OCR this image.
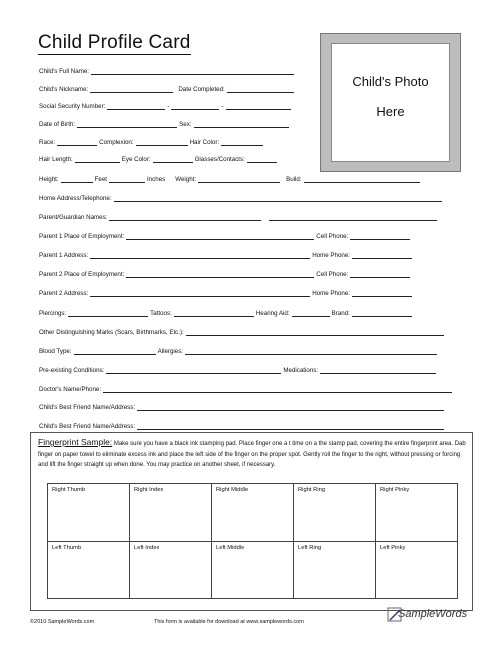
Child Profile Card
Child's Photo
Here
Child's Full Name:
Child's Nickname:	Date Completed:
Social Security Number:	-	-
Date of Birth:	Sex:
Race:	Complexion:	Hair Color:
Hair Length:	Eye Color:	Glasses/Contacts:
Height:	Feet	Inches Weight:	Build:
Home Address/Telephone:
Parent/Guardian Names:
Parent 1 Place of Employment:	Cell Phone:
Parent 1 Address:	Home Phone:
Parent 2 Place of Employment:	Cell Phone:
Parent 2 Address:	Home Phone:
Piercings:	Tattoos:	Hearing Aid:	Brand:
Other Distinguishing Marks (Scars, Birthmarks, Etc.):
Blood Type:	Allergies:
Pre-existing Conditions:	Medications:
Doctor's Name/Phone:
Child's Best Friend Name/Address:
Child's Best Friend Name/Address:
Fingerprint Sample: Make sure you have a black ink stamping pad. Place finger one a t time on a the stamp pad, covering the entire fingerprint area. Dab finger on paper towel to eliminate excess ink and place the left side of the finger on the proper spot. Gently roll the finger to the right, without pressing or forcing and lift the finger straight up when done. You may practice on another sheet, if necessary.
Right Thumb	Right Index	Right Middle	Right Ring	Right Pinky
Left Thumb	Left Index	Left Middle	Left Ring	Left Pinky
©2010 SampleWords.com	This form is available for download at www.samplewords.com
SampleWords
